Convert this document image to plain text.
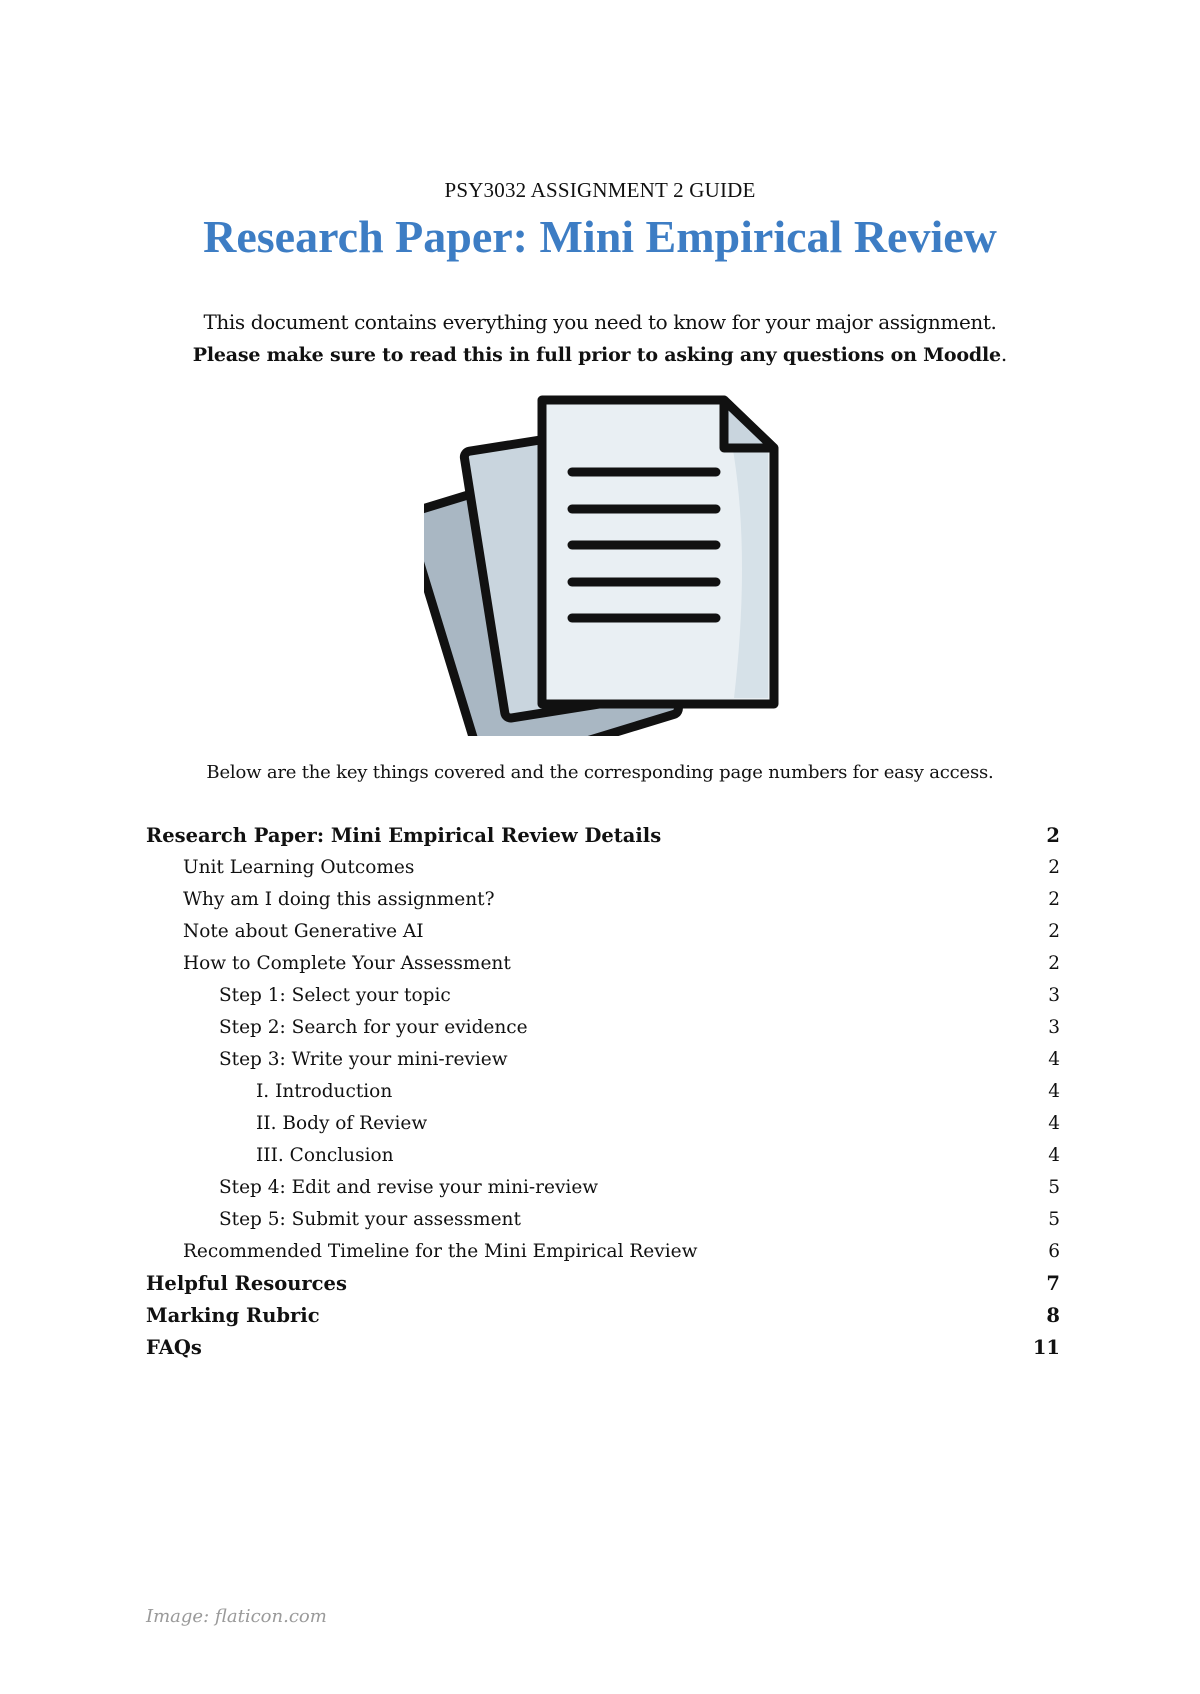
PSY3032 ASSIGNMENT 2 GUIDE
Research Paper: Mini Empirical Review
This document contains everything you need to know for your major assignment.
Please make sure to read this in full prior to asking any questions on Moodle.
Below are the key things covered and the corresponding page numbers for easy access.
Research Paper: Mini Empirical Review Details	2
Unit Learning Outcomes	2
Why am I doing this assignment?	2
Note about Generative AI	2
How to Complete Your Assessment	2
Step 1: Select your topic	3
Step 2: Search for your evidence	3
Step 3: Write your mini-review	4
I. Introduction	4
II. Body of Review	4
III. Conclusion	4
Step 4: Edit and revise your mini-review	5
Step 5: Submit your assessment	5
Recommended Timeline for the Mini Empirical Review	6
Helpful Resources	7
Marking Rubric	8
FAQs	11
Image: flaticon.com
